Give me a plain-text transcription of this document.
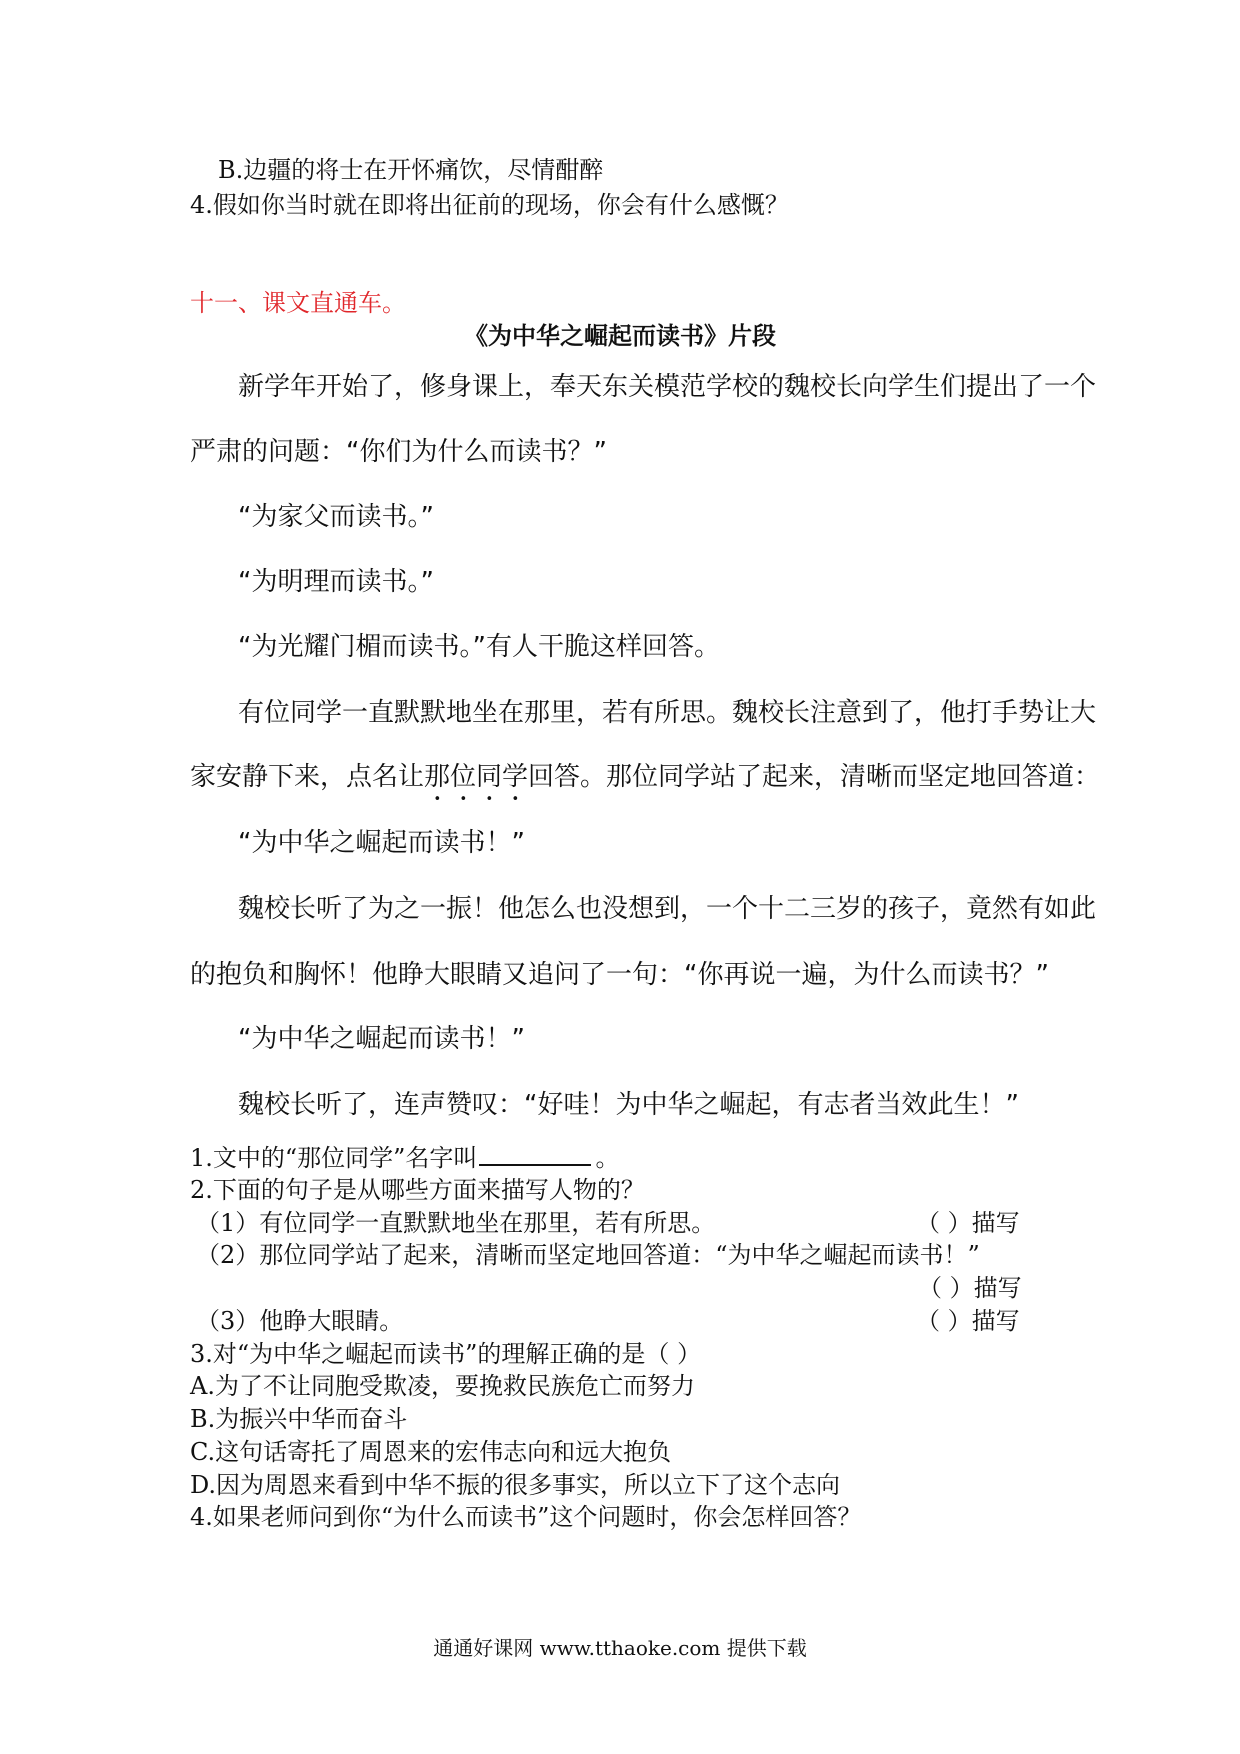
B.边疆的将士在开怀痛饮，尽情酣醉
4.假如你当时就在即将出征前的现场，你会有什么感慨？
十一、课文直通车。
《为中华之崛起而读书》片段
新学年开始了，修身课上，奉天东关模范学校的魏校长向学生们提出了一个
严肃的问题：“你们为什么而读书？”
“为家父而读书。”
“为明理而读书。”
“为光耀门楣而读书。”有人干脆这样回答。
有位同学一直默默地坐在那里，若有所思。魏校长注意到了，他打手势让大
家安静下来，点名让那位同学回答。那位同学站了起来，清晰而坚定地回答道：
“为中华之崛起而读书！”
魏校长听了为之一振！他怎么也没想到，一个十二三岁的孩子，竟然有如此
的抱负和胸怀！他睁大眼睛又追问了一句：“你再说一遍，为什么而读书？”
“为中华之崛起而读书！”
魏校长听了，连声赞叹：“好哇！为中华之崛起，有志者当效此生！”
1.文中的“那位同学”名字叫	。
2.下面的句子是从哪些方面来描写人物的？
（1）有位同学一直默默地坐在那里，若有所思。	（ ）描写
（2）那位同学站了起来，清晰而坚定地回答道：“为中华之崛起而读书！”
（ ）描写
（3）他睁大眼睛。	（ ）描写
3.对“为中华之崛起而读书”的理解正确的是（ ）
A.为了不让同胞受欺凌，要挽救民族危亡而努力
B.为振兴中华而奋斗
C.这句话寄托了周恩来的宏伟志向和远大抱负
D.因为周恩来看到中华不振的很多事实，所以立下了这个志向
4.如果老师问到你“为什么而读书”这个问题时，你会怎样回答？
通通好课网 www.tthaoke.com 提供下载
